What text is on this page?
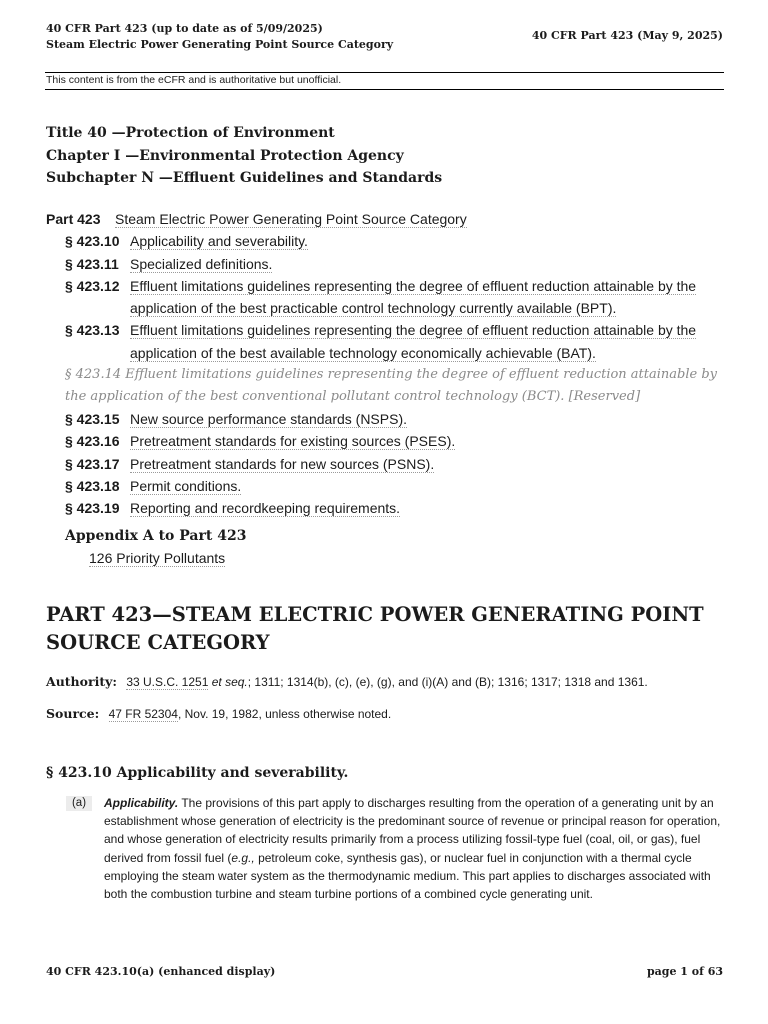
40 CFR Part 423 (up to date as of 5/09/2025)
Steam Electric Power Generating Point Source Category
40 CFR Part 423 (May 9, 2025)
This content is from the eCFR and is authoritative but unofficial.
Title 40 —Protection of Environment
Chapter I —Environmental Protection Agency
Subchapter N —Effluent Guidelines and Standards
Part 423	Steam Electric Power Generating Point Source Category
§ 423.10 Applicability and severability.
§ 423.11 Specialized definitions.
§ 423.12 Effluent limitations guidelines representing the degree of effluent reduction attainable by the application of the best practicable control technology currently available (BPT).
§ 423.13 Effluent limitations guidelines representing the degree of effluent reduction attainable by the application of the best available technology economically achievable (BAT).
§ 423.14 Effluent limitations guidelines representing the degree of effluent reduction attainable by the application of the best conventional pollutant control technology (BCT). [Reserved]
§ 423.15 New source performance standards (NSPS).
§ 423.16 Pretreatment standards for existing sources (PSES).
§ 423.17 Pretreatment standards for new sources (PSNS).
§ 423.18 Permit conditions.
§ 423.19 Reporting and recordkeeping requirements.
Appendix A to Part 423
126 Priority Pollutants
PART 423—STEAM ELECTRIC POWER GENERATING POINT SOURCE CATEGORY
Authority: 33 U.S.C. 1251 et seq.; 1311; 1314(b), (c), (e), (g), and (i)(A) and (B); 1316; 1317; 1318 and 1361.
Source: 47 FR 52304, Nov. 19, 1982, unless otherwise noted.
§ 423.10 Applicability and severability.
(a)	Applicability. The provisions of this part apply to discharges resulting from the operation of a generating unit by an establishment whose generation of electricity is the predominant source of revenue or principal reason for operation, and whose generation of electricity results primarily from a process utilizing fossil-type fuel (coal, oil, or gas), fuel derived from fossil fuel (e.g., petroleum coke, synthesis gas), or nuclear fuel in conjunction with a thermal cycle employing the steam water system as the thermodynamic medium. This part applies to discharges associated with both the combustion turbine and steam turbine portions of a combined cycle generating unit.
40 CFR 423.10(a) (enhanced display)	page 1 of 63
